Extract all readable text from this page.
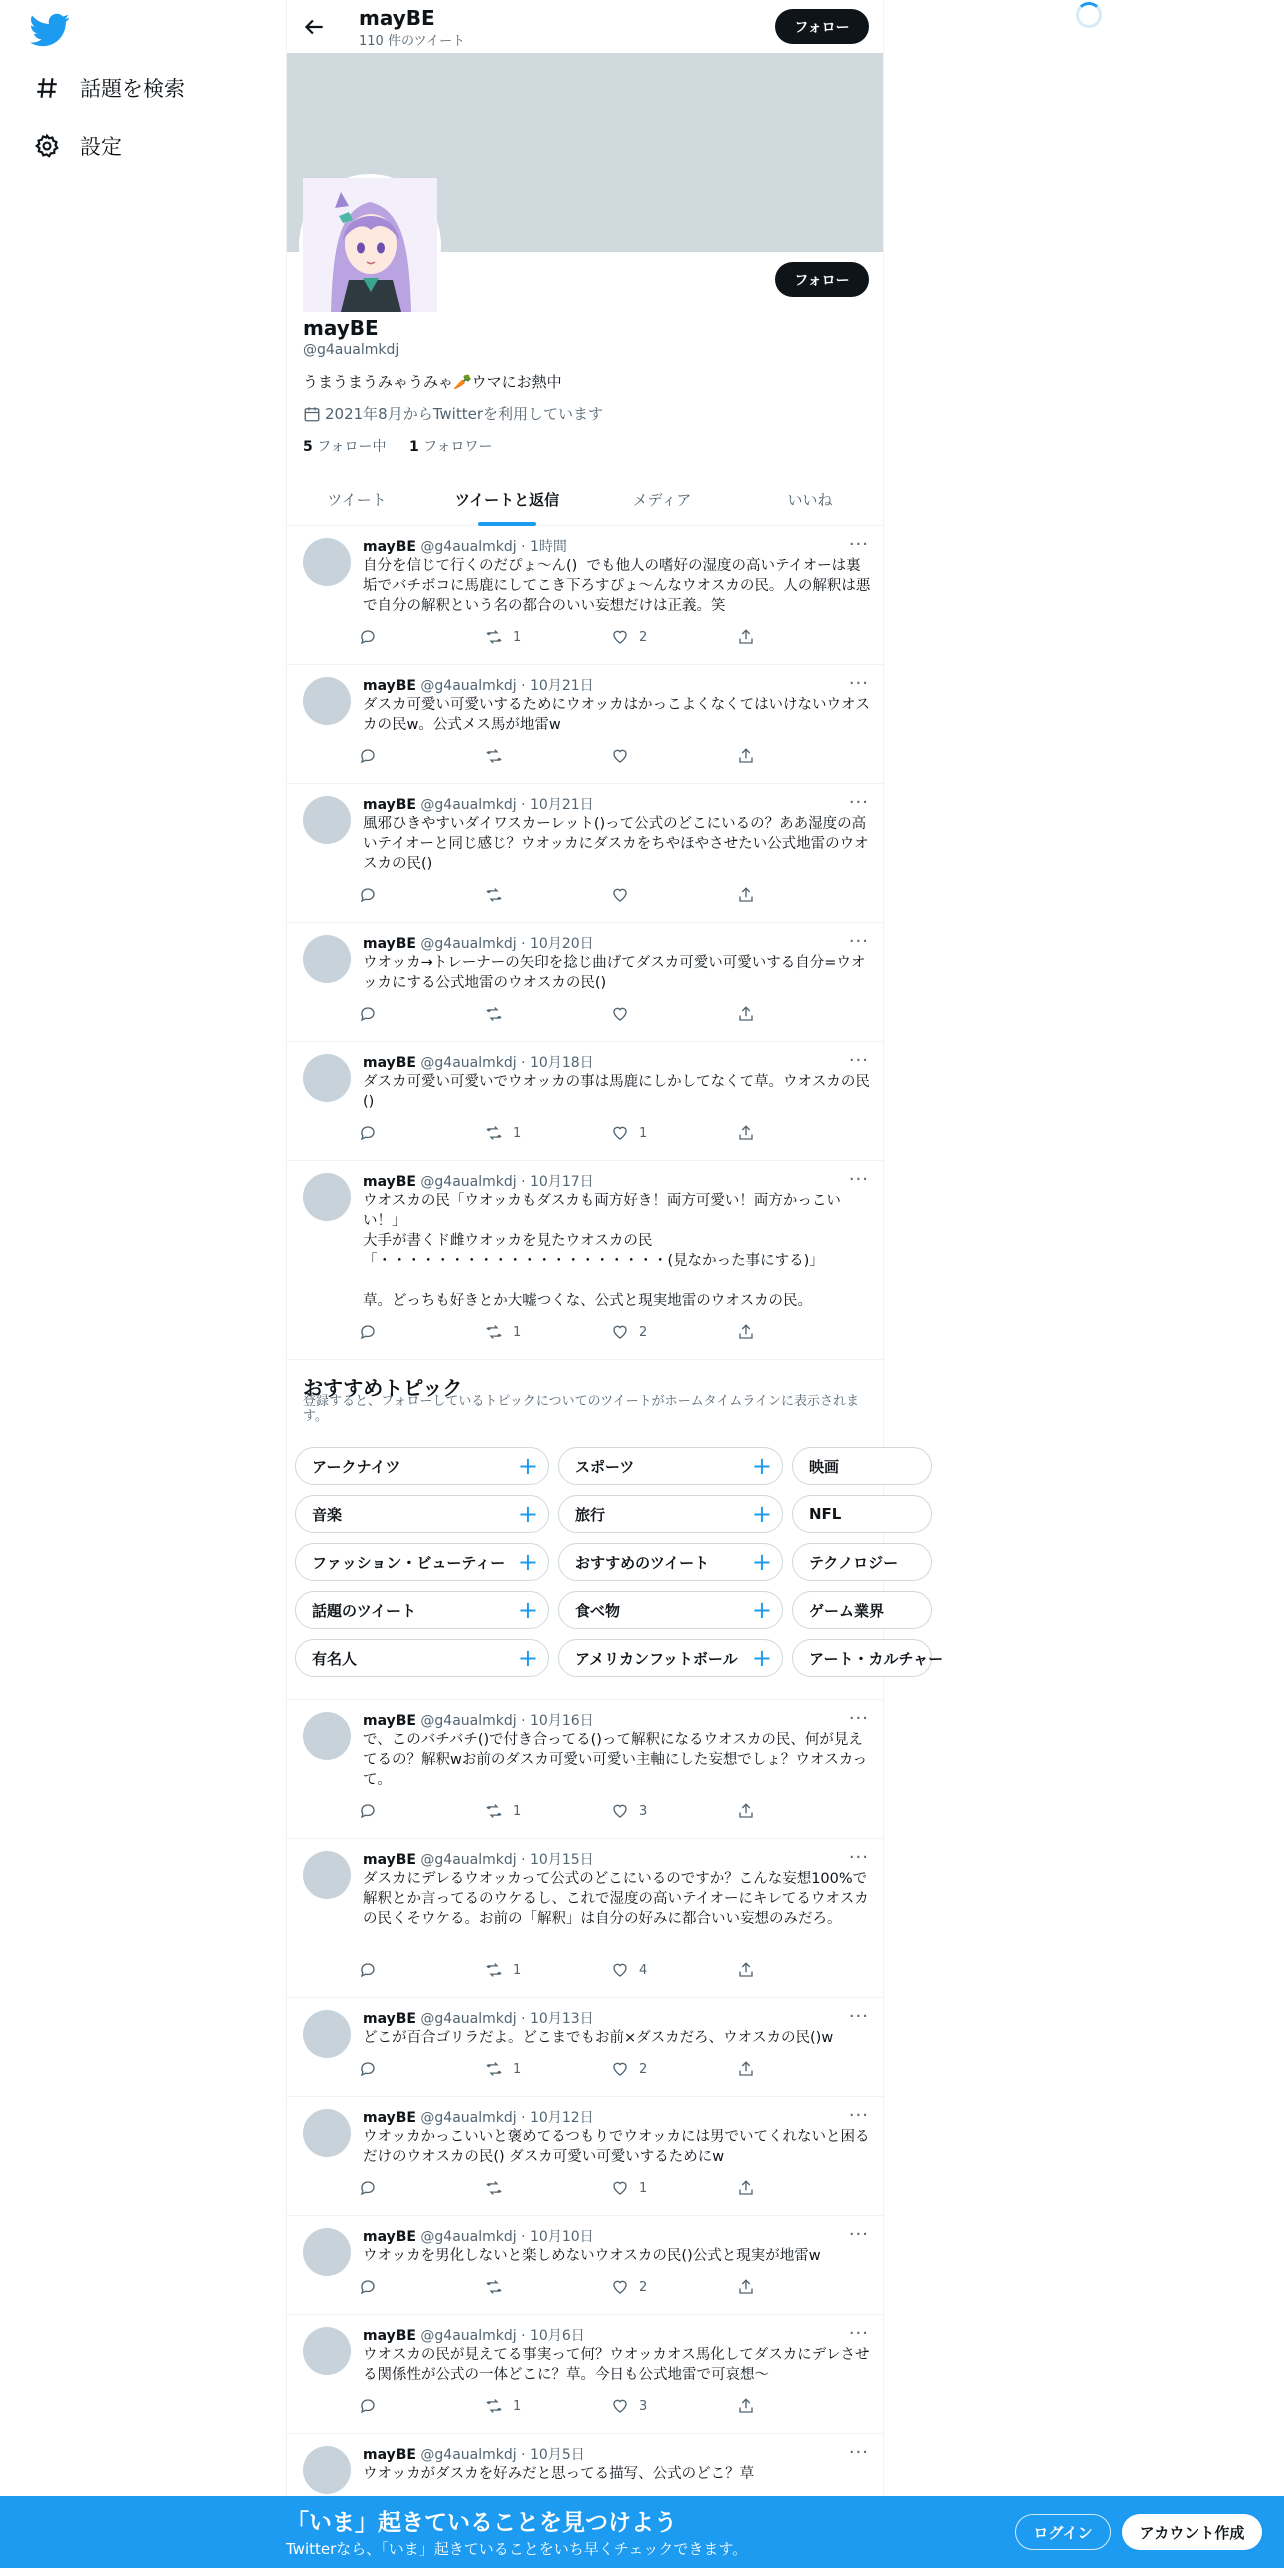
話題を検索
設定
mayBE
110 件のツイート
フォロー
フォロー
mayBE
@g4aualmkdj
うまうまうみゃうみゃ🥕ウマにお熱中
2021年8月からTwitterを利用しています
5 フォロー中 1 フォロワー
ツイート	ツイートと返信	メディア	いいね
mayBE @g4aualmkdj · 1時間	···
自分を信じて行くのだぴょ〜ん()  でも他人の嗜好の湿度の高いテイオーは裏垢でバチボコに馬鹿にしてこき下ろすぴょ〜んなウオスカの民。人の解釈は悪で自分の解釈という名の都合のいい妄想だけは正義。笑
1	2
mayBE @g4aualmkdj · 10月21日	···
ダスカ可愛い可愛いするためにウオッカはかっこよくなくてはいけないウオスカの民w。公式メス馬が地雷w
mayBE @g4aualmkdj · 10月21日	···
風邪ひきやすいダイワスカーレット()って公式のどこにいるの？ああ湿度の高いテイオーと同じ感じ？ウオッカにダスカをちやほやさせたい公式地雷のウオスカの民()
mayBE @g4aualmkdj · 10月20日	···
ウオッカ→トレーナーの矢印を捻じ曲げてダスカ可愛い可愛いする自分=ウオッカにする公式地雷のウオスカの民()
mayBE @g4aualmkdj · 10月18日	···
ダスカ可愛い可愛いでウオッカの事は馬鹿にしかしてなくて草。ウオスカの民()
1	1
mayBE @g4aualmkdj · 10月17日	···
ウオスカの民「ウオッカもダスカも両方好き！両方可愛い！両方かっこいい！」
大手が書くド雌ウオッカを見たウオスカの民
「・・・・・・・・・・・・・・・・・・・・(見なかった事にする)」

草。どっちも好きとか大嘘つくな、公式と現実地雷のウオスカの民。
1	2
おすすめトピック
登録すると、フォローしているトピックについてのツイートがホームタイムラインに表示されます。
アークナイツ	+ スポーツ	+ 映画
音楽	+ 旅行	+ NFL
ファッション・ビューティー + おすすめのツイート + テクノロジー
話題のツイート	+ 食べ物	+ ゲーム業界
有名人	+ アメリカンフットボール + アート・カルチャー
mayBE @g4aualmkdj · 10月16日	···
で、このバチバチ()で付き合ってる()って解釈になるウオスカの民、何が見えてるの？解釈wお前のダスカ可愛い可愛い主軸にした妄想でしょ？ウオスカって。
1	3
mayBE @g4aualmkdj · 10月15日	···
ダスカにデレるウオッカって公式のどこにいるのですか？こんな妄想100%で解釈とか言ってるのウケるし、これで湿度の高いテイオーにキレてるウオスカの民くそウケる。お前の「解釈」は自分の好みに都合いい妄想のみだろ。
1	4
mayBE @g4aualmkdj · 10月13日	···
どこが百合ゴリラだよ。どこまでもお前×ダスカだろ、ウオスカの民()w
1	2
mayBE @g4aualmkdj · 10月12日	···
ウオッカかっこいいと褒めてるつもりでウオッカには男でいてくれないと困るだけのウオスカの民() ダスカ可愛い可愛いするためにw
1
mayBE @g4aualmkdj · 10月10日	···
ウオッカを男化しないと楽しめないウオスカの民()公式と現実が地雷w
2
mayBE @g4aualmkdj · 10月6日	···
ウオスカの民が見えてる事実って何？ウオッカオス馬化してダスカにデレさせる関係性が公式の一体どこに？草。今日も公式地雷で可哀想〜
1	3
mayBE @g4aualmkdj · 10月5日	···
ウオッカがダスカを好みだと思ってる描写、公式のどこ？草
「いま」起きていることを見つけよう
Twitterなら、「いま」起きていることをいち早くチェックできます。
ログイン	アカウント作成
